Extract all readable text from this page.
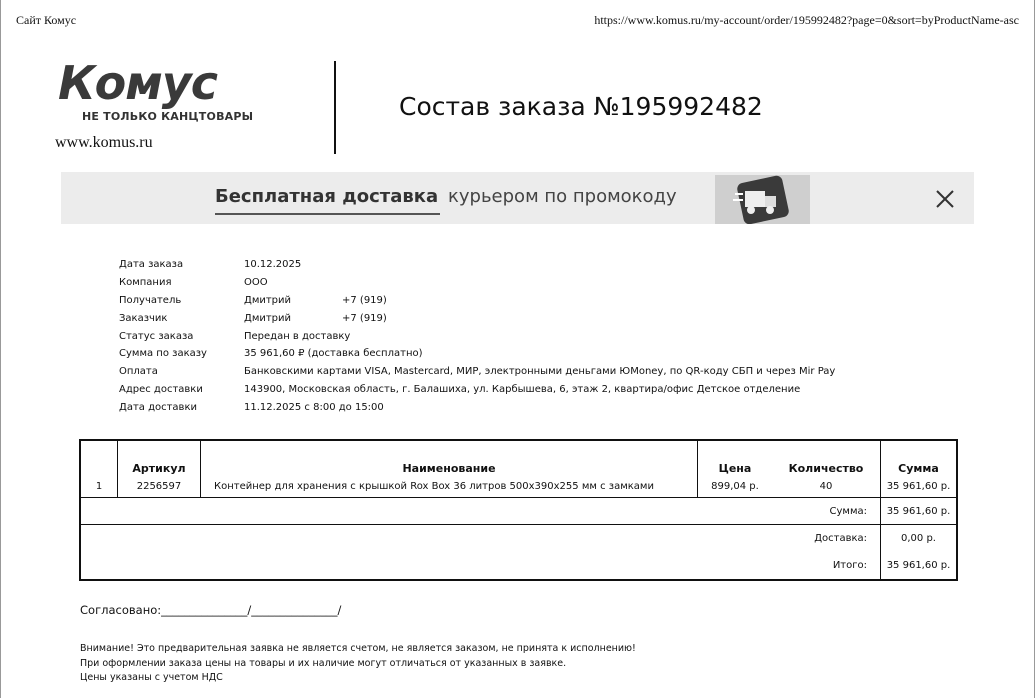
Сайт Комус	https://www.komus.ru/my-account/order/195992482?page=0&sort=byProductName-asc
Комус
НЕ ТОЛЬКО КАНЦТОВАРЫ
www.komus.ru
Состав заказа №195992482
Бесплатная доставка курьером по промокоду
Дата заказа	10.12.2025
Компания	ООО
Получатель	Дмитрий	+7 (919)
Заказчик	Дмитрий	+7 (919)
Статус заказа	Передан в доставку
Сумма по заказу	35 961,60 ₽ (доставка бесплатно)
Оплата	Банковскими картами VISA, Mastercard, МИР, электронными деньгами ЮMoney, по QR-коду СБП и через Mir Pay
Адрес доставки	143900, Московская область, г. Балашиха, ул. Карбышева, 6, этаж 2, квартира/офис Детское отделение
Дата доставки	11.12.2025 с 8:00 до 15:00
	Артикул	Наименование	Цена	Количество	Сумма
1	2256597	Контейнер для хранения с крышкой Rox Box 36 литров 500х390х255 мм с замками	899,04 р.	40	35 961,60 р.
Сумма:					35 961,60 р.
Доставка:					0,00 р.
Итого:					35 961,60 р.
Согласовано:_______________/_______________/
Внимание! Это предварительная заявка не является счетом, не является заказом, не принята к исполнению!
При оформлении заказа цены на товары и их наличие могут отличаться от указанных в заявке.
Цены указаны с учетом НДС
